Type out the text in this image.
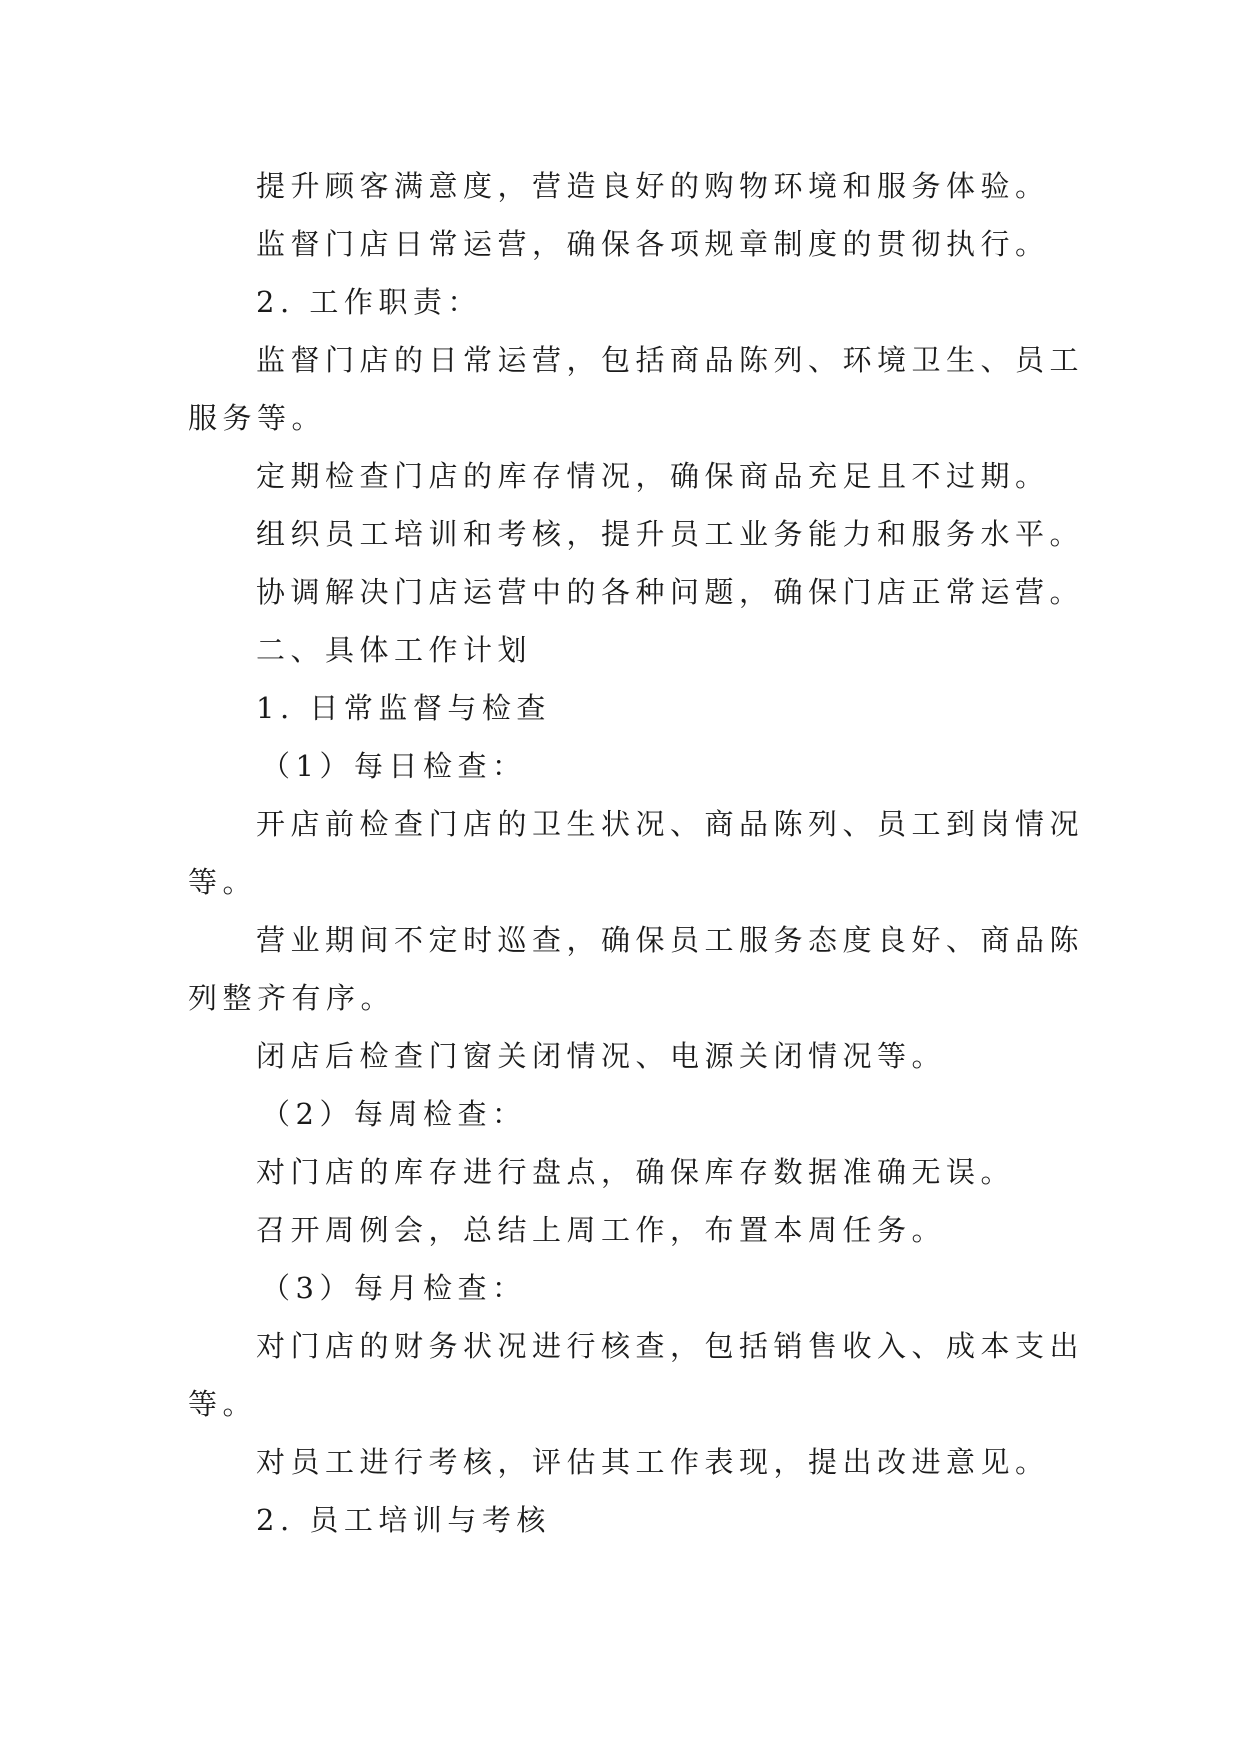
提升顾客满意度，营造良好的购物环境和服务体验。

监督门店日常运营，确保各项规章制度的贯彻执行。

2. 工作职责：

监督门店的日常运营，包括商品陈列、环境卫生、员工

服务等。

定期检查门店的库存情况，确保商品充足且不过期。

组织员工培训和考核，提升员工业务能力和服务水平。

协调解决门店运营中的各种问题，确保门店正常运营。

二、具体工作计划

1. 日常监督与检查

（1）每日检查：

开店前检查门店的卫生状况、商品陈列、员工到岗情况

等。

营业期间不定时巡查，确保员工服务态度良好、商品陈

列整齐有序。

闭店后检查门窗关闭情况、电源关闭情况等。

（2）每周检查：

对门店的库存进行盘点，确保库存数据准确无误。

召开周例会，总结上周工作，布置本周任务。

（3）每月检查：

对门店的财务状况进行核查，包括销售收入、成本支出

等。

对员工进行考核，评估其工作表现，提出改进意见。

2. 员工培训与考核
